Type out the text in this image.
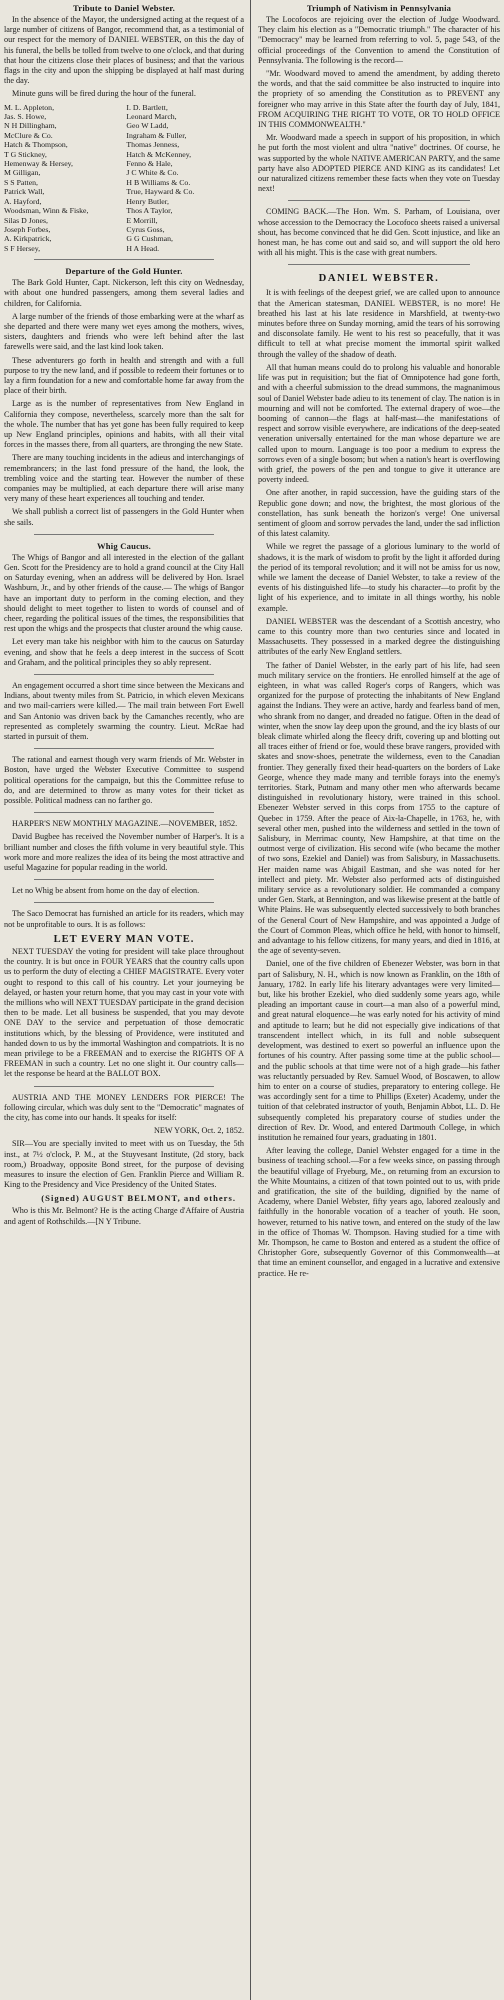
Tribute to Daniel Webster.

In the absence of the Mayor, the undersigned acting at the request of a large number of citizens of Bangor, recommend that, as a testimonial of our respect for the memory of DANIEL WEBSTER, on this the day of his funeral, the bells be tolled from twelve to one o'clock, and that during that hour the citizens close their places of business; and that the various flags in the city and upon the shipping be displayed at half mast during the day.

Minute guns will be fired during the hour of the funeral.

M. L. Appleton,
Jas. S. Howe,
N H Dillingham,
McClure & Co.
Hatch & Thompson,
T G Stickney,
Hemenway & Hersey,
M Gilligan,
S S Patten,
Patrick Wall,
A. Hayford,
Woodsman, Winn & Fiske,
Silas D Jones,
Joseph Forbes,
A. Kirkpatrick,
S F Hersey,
I. D. Bartlett,
Leonard March,
Geo W Ladd,
Ingraham & Fuller,
Thomas Jenness,
Hatch & McKenney,
Fenno & Hale,
J C White & Co.
H B Williams & Co.
True, Hayward & Co.
Henry Butler,
Thos A Taylor,
E Morrill,
Cyrus Goss,
G G Cushman,
H A Head.
Departure of the Gold Hunter.

The Bark Gold Hunter, Capt. Nickerson, left this city on Wednesday, with about one hundred passengers, among them several ladies and children, for California.

A large number of the friends of those embarking were at the wharf as she departed and there were many wet eyes among the mothers, wives, sisters, daughters and friends who were left behind after the last farewells were said, and the last kind look taken.

These adventurers go forth in health and strength and with a full purpose to try the new land, and if possible to redeem their fortunes or to lay a firm foundation for a new and comfortable home far away from the place of their birth.

Large as is the number of representatives from New England in California they compose, nevertheless, scarcely more than the salt for the whole. The number that has yet gone has been fully required to keep up New England principles, opinions and habits, with all their vital forces in the masses there, from all quarters, are thronging the new State.

There are many touching incidents in the adieus and interchangings of remembrancers; in the last fond pressure of the hand, the look, the trembling voice and the starting tear. However the number of these companies may be multiplied, at each departure there will arise many very many of these heart experiences all touching and tender.

We shall publish a correct list of passengers in the Gold Hunter when she sails.

Whig Caucus.

The Whigs of Bangor and all interested in the election of the gallant Gen. Scott for the Presidency are to hold a grand council at the City Hall on Saturday evening, when an address will be delivered by Hon. Israel Washburn, Jr., and by other friends of the cause.— The whigs of Bangor have an important duty to perform in the coming election, and they should delight to meet together to listen to words of counsel and of cheer, regarding the political issues of the times, the responsibilities that rest upon the whigs and the prospects that cluster around the whig cause.

Let every man take his neighbor with him to the caucus on Saturday evening, and show that he feels a deep interest in the success of Scott and Graham, and the political principles they so ably represent.

An engagement occurred a short time since between the Mexicans and Indians, about twenty miles from St. Patricio, in which eleven Mexicans and two mail-carriers were killed.— The mail train between Fort Ewell and San Antonio was driven back by the Camanches recently, who are represented as completely swarming the country. Lieut. McRae had started in pursuit of them.

The rational and earnest though very warm friends of Mr. Webster in Boston, have urged the Webster Executive Committee to suspend political operations for the campaign, but this the Committee refuse to do, and are determined to throw as many votes for their ticket as possible. Political madness can no farther go.

HARPER'S NEW MONTHLY MAGAZINE.—NOVEMBER, 1852.

David Bugbee has received the November number of Harper's. It is a brilliant number and closes the fifth volume in very beautiful style. This work more and more realizes the idea of its being the most attractive and useful Magazine for popular reading in the world.

Let no Whig be absent from home on the day of election.

The Saco Democrat has furnished an article for its readers, which may not be unprofitable to ours. It is as follows:

LET EVERY MAN VOTE.

NEXT TUESDAY the voting for president will take place throughout the country. It is but once in FOUR YEARS that the country calls upon us to perform the duty of electing a CHIEF MAGISTRATE. Every voter ought to respond to this call of his country. Let your journeying be delayed, or hasten your return home, that you may cast in your vote with the millions who will NEXT TUESDAY participate in the grand decision then to be made. Let all business be suspended, that you may devote ONE DAY to the service and perpetuation of those democratic institutions which, by the blessing of Providence, were instituted and handed down to us by the immortal Washington and compatriots. It is no mean privilege to be a FREEMAN and to exercise the RIGHTS OF A FREEMAN in such a country. Let no one slight it. Our country calls—let the response be heard at the BALLOT BOX.

AUSTRIA AND THE MONEY LENDERS FOR PIERCE! The following circular, which was duly sent to the "Democratic" magnates of the city, has come into our hands. It speaks for itself:

NEW YORK, Oct. 2, 1852.

SIR—You are specially invited to meet with us on Tuesday, the 5th inst., at 7½ o'clock, P. M., at the Stuyvesant Institute, (2d story, back room,) Broadway, opposite Bond street, for the purpose of devising measures to insure the election of Gen. Franklin Pierce and William R. King to the Presidency and Vice Presidency of the United States.

(Signed) AUGUST BELMONT, and others.

Who is this Mr. Belmont? He is the acting Charge d'Affaire of Austria and agent of Rothschilds.—[N Y Tribune.

Triumph of Nativism in Pennsylvania

The Locofocos are rejoicing over the election of Judge Woodward. They claim his election as a "Democratic triumph." The character of his "Democracy" may be learned from referring to vol. 5, page 543, of the official proceedings of the Convention to amend the Constitution of Pennsylvania. The following is the record—

"Mr. Woodward moved to amend the amendment, by adding thereto the words, and that the said committee be also instructed to inquire into the propriety of so amending the Constitution as to PREVENT any foreigner who may arrive in this State after the fourth day of July, 1841, FROM ACQUIRING THE RIGHT TO VOTE, OR TO HOLD OFFICE IN THIS COMMONWEALTH."

Mr. Woodward made a speech in support of his proposition, in which he put forth the most violent and ultra "native" doctrines. Of course, he was supported by the whole NATIVE AMERICAN PARTY, and the same party have also ADOPTED PIERCE AND KING as its candidates! Let our naturalized citizens remember these facts when they vote on Tuesday next!

COMING BACK.—The Hon. Wm. S. Parham, of Louisiana, over whose accession to the Democracy the Locofoco sheets raised a universal shout, has become convinced that he did Gen. Scott injustice, and like an honest man, he has come out and said so, and will support the old hero with all his might. This is the case with great numbers.

DANIEL WEBSTER.

It is with feelings of the deepest grief, we are called upon to announce that the American statesman, DANIEL WEBSTER, is no more! He breathed his last at his late residence in Marshfield, at twenty-two minutes before three on Sunday morning, amid the tears of his sorrowing and disconsolate family. He went to his rest so peacefully, that it was difficult to tell at what precise moment the immortal spirit walked through the valley of the shadow of death.

All that human means could do to prolong his valuable and honorable life was put in requisition; but the fiat of Omnipotence had gone forth, and with a cheerful submission to the dread summons, the magnanimous soul of Daniel Webster bade adieu to its tenement of clay. The nation is in mourning and will not be comforted. The external drapery of woe—the booming of cannon—the flags at half-mast—the manifestations of respect and sorrow visible everywhere, are indications of the deep-seated veneration universally entertained for the man whose departure we are called upon to mourn. Language is too poor a medium to express the sorrows even of a single bosom; but when a nation's heart is overflowing with grief, the powers of the pen and tongue to give it utterance are poverty indeed.

One after another, in rapid succession, have the guiding stars of the Republic gone down; and now, the brightest, the most glorious of the constellation, has sunk beneath the horizon's verge! One universal sentiment of gloom and sorrow pervades the land, under the sad infliction of this latest calamity.

While we regret the passage of a glorious luminary to the world of shadows, it is the mark of wisdom to profit by the light it afforded during the period of its temporal revolution; and it will not be amiss for us now, while we lament the decease of Daniel Webster, to take a review of the events of his distinguished life—to study his character—to profit by the light of his experience, and to imitate in all things worthy, his noble example.

DANIEL WEBSTER was the descendant of a Scottish ancestry, who came to this country more than two centuries since and located in Massachusetts. They possessed in a marked degree the distinguishing attributes of the early New England settlers.

The father of Daniel Webster, in the early part of his life, had seen much military service on the frontiers. He enrolled himself at the age of eighteen, in what was called Roger's corps of Rangers, which was organized for the purpose of protecting the inhabitants of New England against the Indians. They were an active, hardy and fearless band of men, who shrank from no danger, and dreaded no fatigue. Often in the dead of winter, when the snow lay deep upon the ground, and the icy blasts of our bleak climate whirled along the fleecy drift, covering up and blotting out all traces either of friend or foe, would these brave rangers, provided with skates and snow-shoes, penetrate the wilderness, even to the Canadian frontier. They generally fixed their head-quarters on the borders of Lake George, whence they made many and terrible forays into the enemy's territories. Stark, Putnam and many other men who afterwards became distinguished in revolutionary history, were trained in this school. Ebenezer Webster served in this corps from 1755 to the capture of Quebec in 1759. After the peace of Aix-la-Chapelle, in 1763, he, with several other men, pushed into the wilderness and settled in the town of Salisbury, in Merrimac county, New Hampshire, at that time on the outmost verge of civilization. His second wife (who became the mother of two sons, Ezekiel and Daniel) was from Salisbury, in Massachusetts. Her maiden name was Abigail Eastman, and she was noted for her intellect and piety. Mr. Webster also performed acts of distinguished military service as a revolutionary soldier. He commanded a company under Gen. Stark, at Bennington, and was likewise present at the battle of White Plains. He was subsequently elected successively to both branches of the General Court of New Hampshire, and was appointed a Judge of the Court of Common Pleas, which office he held, with honor to himself, and advantage to his fellow citizens, for many years, and died in 1816, at the age of seventy-seven.

Daniel, one of the five children of Ebenezer Webster, was born in that part of Salisbury, N. H., which is now known as Franklin, on the 18th of January, 1782. In early life his literary advantages were very limited—but, like his brother Ezekiel, who died suddenly some years ago, while pleading an important cause in court—a man also of a powerful mind, and great natural eloquence—he was early noted for his activity of mind and aptitude to learn; but he did not especially give indications of that transcendent intellect which, in its full and noble subsequent development, was destined to exert so powerful an influence upon the fortunes of his country. After passing some time at the public school—and the public schools at that time were not of a high grade—his father was reluctantly persuaded by Rev. Samuel Wood, of Boscawen, to allow him to enter on a course of studies, preparatory to entering college. He was accordingly sent for a time to Phillips (Exeter) Academy, under the tuition of that celebrated instructor of youth, Benjamin Abbot, LL. D. He subsequently completed his preparatory course of studies under the direction of Rev. Dr. Wood, and entered Dartmouth College, in which institution he remained four years, graduating in 1801.

After leaving the college, Daniel Webster engaged for a time in the business of teaching school.—For a few weeks since, on passing through the beautiful village of Fryeburg, Me., on returning from an excursion to the White Mountains, a citizen of that town pointed out to us, with pride and gratification, the site of the building, dignified by the name of Academy, where Daniel Webster, fifty years ago, labored zealously and faithfully in the honorable vocation of a teacher of youth. He soon, however, returned to his native town, and entered on the study of the law in the office of Thomas W. Thompson. Having studied for a time with Mr. Thompson, he came to Boston and entered as a student the office of Christopher Gore, subsequently Governor of this Commonwealth—at that time an eminent counsellor, and engaged in a lucrative and extensive practice. He re-
